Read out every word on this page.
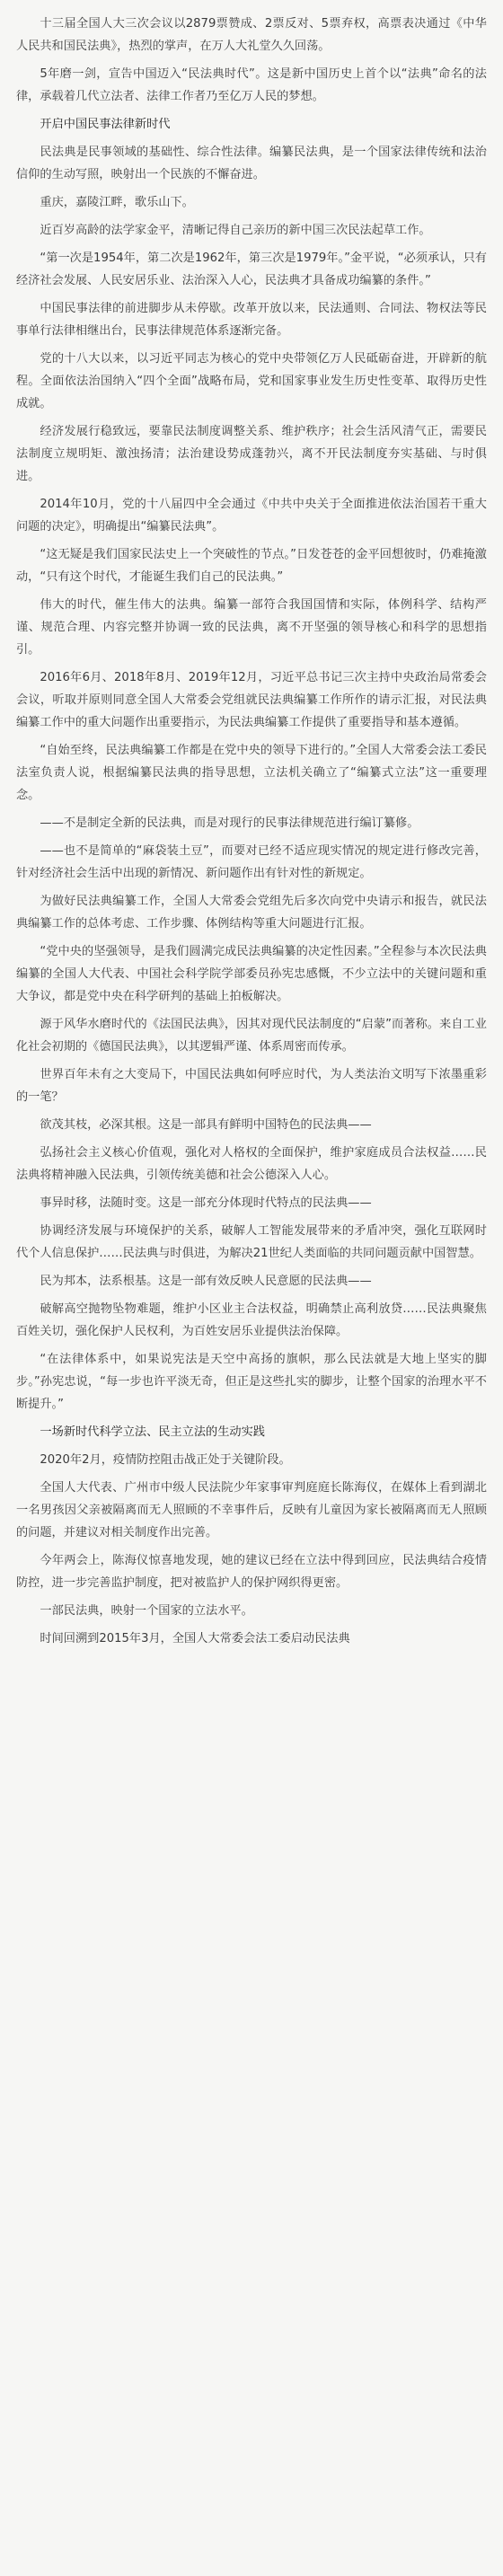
十三届全国人大三次会议以2879票赞成、2票反对、5票弃权，高票表决通过《中华人民共和国民法典》，热烈的掌声，在万人大礼堂久久回荡。

5年磨一剑，宣告中国迈入“民法典时代”。这是新中国历史上首个以“法典”命名的法律，承载着几代立法者、法律工作者乃至亿万人民的梦想。

开启中国民事法律新时代

民法典是民事领域的基础性、综合性法律。编纂民法典，是一个国家法律传统和法治信仰的生动写照，映射出一个民族的不懈奋进。

重庆，嘉陵江畔，歌乐山下。

近百岁高龄的法学家金平，清晰记得自己亲历的新中国三次民法起草工作。

“第一次是1954年，第二次是1962年，第三次是1979年。”金平说，“必须承认，只有经济社会发展、人民安居乐业、法治深入人心，民法典才具备成功编纂的条件。”

中国民事法律的前进脚步从未停歇。改革开放以来，民法通则、合同法、物权法等民事单行法律相继出台，民事法律规范体系逐渐完备。

党的十八大以来，以习近平同志为核心的党中央带领亿万人民砥砺奋进，开辟新的航程。全面依法治国纳入“四个全面”战略布局，党和国家事业发生历史性变革、取得历史性成就。

经济发展行稳致远，要靠民法制度调整关系、维护秩序；社会生活风清气正，需要民法制度立规明矩、激浊扬清；法治建设势成蓬勃兴，离不开民法制度夯实基础、与时俱进。

2014年10月，党的十八届四中全会通过《中共中央关于全面推进依法治国若干重大问题的决定》，明确提出“编纂民法典”。

“这无疑是我们国家民法史上一个突破性的节点。”日发苍苍的金平回想彼时，仍难掩激动，“只有这个时代，才能诞生我们自己的民法典。”

伟大的时代，催生伟大的法典。编纂一部符合我国国情和实际，体例科学、结构严谨、规范合理、内容完整并协调一致的民法典，离不开坚强的领导核心和科学的思想指引。

2016年6月、2018年8月、2019年12月，习近平总书记三次主持中央政治局常委会会议，听取并原则同意全国人大常委会党组就民法典编纂工作所作的请示汇报，对民法典编纂工作中的重大问题作出重要指示，为民法典编纂工作提供了重要指导和基本遵循。

“自始至终，民法典编纂工作都是在党中央的领导下进行的。”全国人大常委会法工委民法室负责人说，根据编纂民法典的指导思想，立法机关确立了“编纂式立法”这一重要理念。

——不是制定全新的民法典，而是对现行的民事法律规范进行编订纂修。

——也不是简单的“麻袋装土豆”，而要对已经不适应现实情况的规定进行修改完善，针对经济社会生活中出现的新情况、新问题作出有针对性的新规定。

为做好民法典编纂工作，全国人大常委会党组先后多次向党中央请示和报告，就民法典编纂工作的总体考虑、工作步骤、体例结构等重大问题进行汇报。

“党中央的坚强领导，是我们圆满完成民法典编纂的决定性因素。”全程参与本次民法典编纂的全国人大代表、中国社会科学院学部委员孙宪忠感慨，不少立法中的关键问题和重大争议，都是党中央在科学研判的基础上拍板解决。

源于风华水磨时代的《法国民法典》，因其对现代民法制度的“启蒙”而著称。来自工业化社会初期的《德国民法典》，以其逻辑严谨、体系周密而传承。

世界百年未有之大变局下，中国民法典如何呼应时代，为人类法治文明写下浓墨重彩的一笔？

欲茂其枝，必深其根。这是一部具有鲜明中国特色的民法典——

弘扬社会主义核心价值观，强化对人格权的全面保护，维护家庭成员合法权益……民法典将精神融入民法典，引领传统美德和社会公德深入人心。

事异时移，法随时变。这是一部充分体现时代特点的民法典——

协调经济发展与环境保护的关系，破解人工智能发展带来的矛盾冲突，强化互联网时代个人信息保护……民法典与时俱进，为解决21世纪人类面临的共同问题贡献中国智慧。

民为邦本，法系根基。这是一部有效反映人民意愿的民法典——

破解高空抛物坠物难题，维护小区业主合法权益，明确禁止高利放贷……民法典聚焦百姓关切，强化保护人民权利，为百姓安居乐业提供法治保障。

“在法律体系中，如果说宪法是天空中高扬的旗帜，那么民法就是大地上坚实的脚步。”孙宪忠说，“每一步也许平淡无奇，但正是这些扎实的脚步，让整个国家的治理水平不断提升。”

一场新时代科学立法、民主立法的生动实践

2020年2月，疫情防控阻击战正处于关键阶段。

全国人大代表、广州市中级人民法院少年家事审判庭庭长陈海仪，在媒体上看到湖北一名男孩因父亲被隔离而无人照顾的不幸事件后，反映有儿童因为家长被隔离而无人照顾的问题，并建议对相关制度作出完善。

今年两会上，陈海仪惊喜地发现，她的建议已经在立法中得到回应，民法典结合疫情防控，进一步完善监护制度，把对被监护人的保护网织得更密。

一部民法典，映射一个国家的立法水平。

时间回溯到2015年3月，全国人大常委会法工委启动民法典
